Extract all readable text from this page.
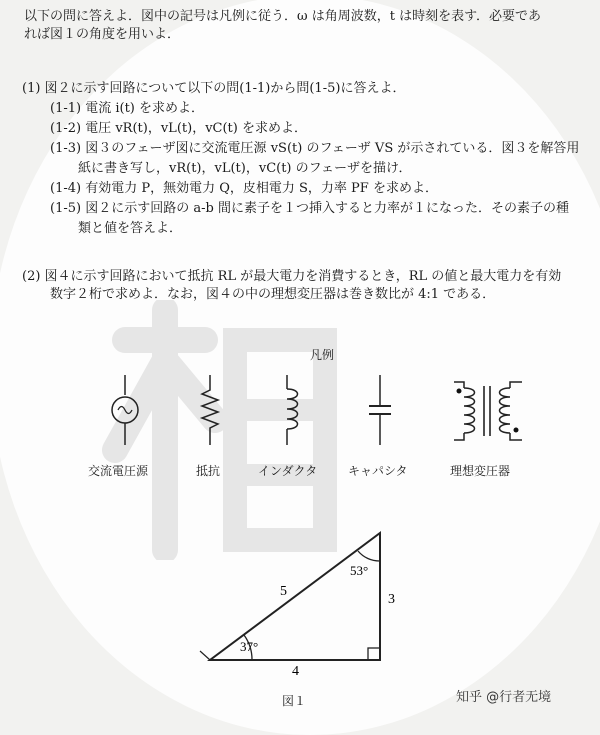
以下の問に答えよ．図中の記号は凡例に従う．ω は角周波数，t は時刻を表す．必要であ
れば図１の角度を用いよ．
(1) 図２に示す回路について以下の問(1-1)から問(1-5)に答えよ．
(1-1) 電流 i(t) を求めよ．
(1-2) 電圧 vR(t)，vL(t)，vC(t) を求めよ．
(1-3) 図３のフェーザ図に交流電圧源 vS(t) のフェーザ VS が示されている．図３を解答用
紙に書き写し，vR(t)，vL(t)，vC(t) のフェーザを描け．
(1-4) 有効電力 P，無効電力 Q，皮相電力 S，力率 PF を求めよ．
(1-5) 図２に示す回路の a-b 間に素子を１つ挿入すると力率が１になった．その素子の種
類と値を答えよ．
(2) 図４に示す回路において抵抗 RL が最大電力を消費するとき，RL の値と最大電力を有効
数字２桁で求めよ．なお，図４の中の理想変圧器は巻き数比が 4:1 である．
凡例
交流電圧源	抵抗	インダクタ	キャパシタ	理想変圧器
5
3
4
53°
37°
図１	知乎 @行者无境
